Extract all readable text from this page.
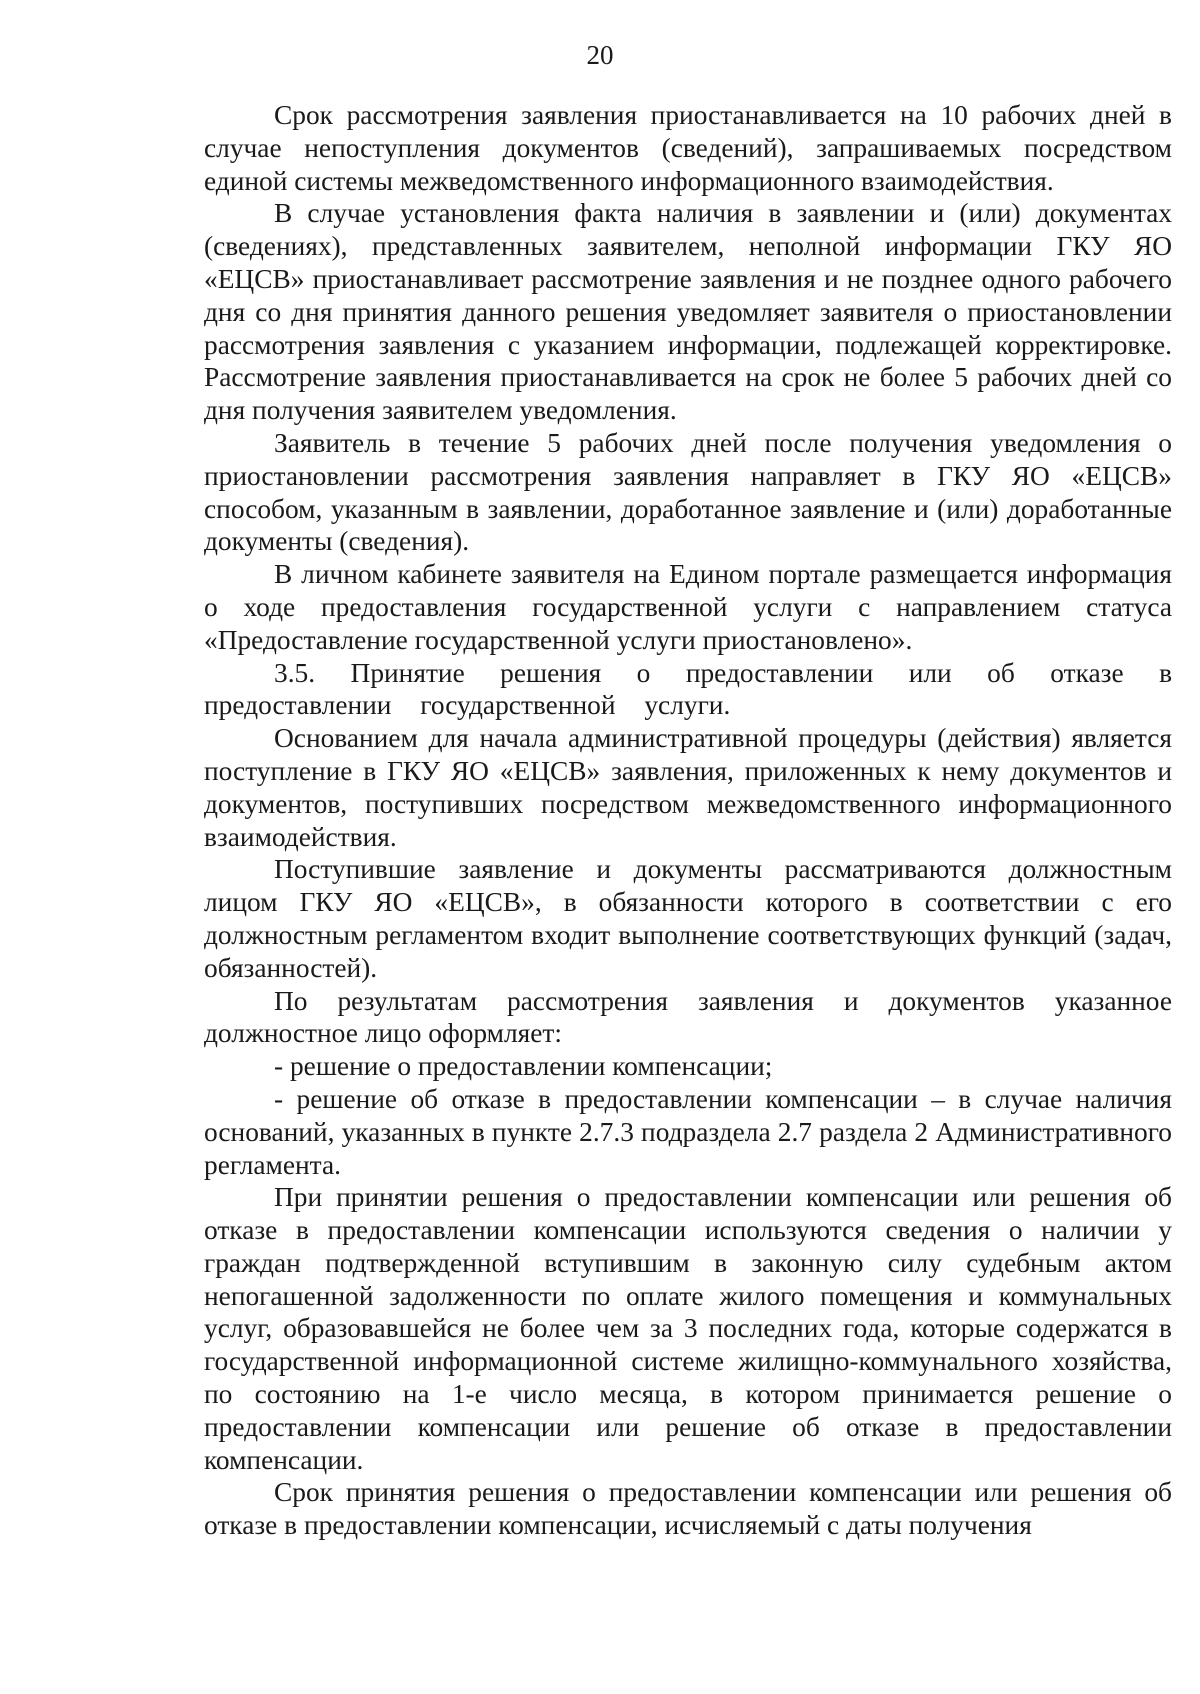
20

Срок рассмотрения заявления приостанавливается на 10 рабочих дней в случае непоступления документов (сведений), запрашиваемых посредством единой системы межведомственного информационного взаимодействия.

В случае установления факта наличия в заявлении и (или) документах (сведениях), представленных заявителем, неполной информации ГКУ ЯО «ЕЦСВ» приостанавливает рассмотрение заявления и не позднее одного рабочего дня со дня принятия данного решения уведомляет заявителя о приостановлении рассмотрения заявления с указанием информации, подлежащей корректировке. Рассмотрение заявления приостанавливается на срок не более 5 рабочих дней со дня получения заявителем уведомления.

Заявитель в течение 5 рабочих дней после получения уведомления о приостановлении рассмотрения заявления направляет в ГКУ ЯО «ЕЦСВ» способом, указанным в заявлении, доработанное заявление и (или) доработанные документы (сведения).

В личном кабинете заявителя на Едином портале размещается информация о ходе предоставления государственной услуги с направлением статуса «Предоставление государственной услуги приостановлено».

3.5. Принятие решения о предоставлении или об отказе в предоставлении государственной услуги.

Основанием для начала административной процедуры (действия) является поступление в ГКУ ЯО «ЕЦСВ» заявления, приложенных к нему документов и документов, поступивших посредством межведомственного информационного взаимодействия.

Поступившие заявление и документы рассматриваются должностным лицом ГКУ ЯО «ЕЦСВ», в обязанности которого в соответствии с его должностным регламентом входит выполнение соответствующих функций (задач, обязанностей).

По результатам рассмотрения заявления и документов указанное должностное лицо оформляет:

- решение о предоставлении компенсации;

- решение об отказе в предоставлении компенсации – в случае наличия оснований, указанных в пункте 2.7.3 подраздела 2.7 раздела 2 Административного регламента.

При принятии решения о предоставлении компенсации или решения об отказе в предоставлении компенсации используются сведения о наличии у граждан подтвержденной вступившим в законную силу судебным актом непогашенной задолженности по оплате жилого помещения и коммунальных услуг, образовавшейся не более чем за 3 последних года, которые содержатся в государственной информационной системе жилищно-коммунального хозяйства, по состоянию на 1-е число месяца, в котором принимается решение о предоставлении компенсации или решение об отказе в предоставлении компенсации.

Срок принятия решения о предоставлении компенсации или решения об отказе в предоставлении компенсации, исчисляемый с даты получения
